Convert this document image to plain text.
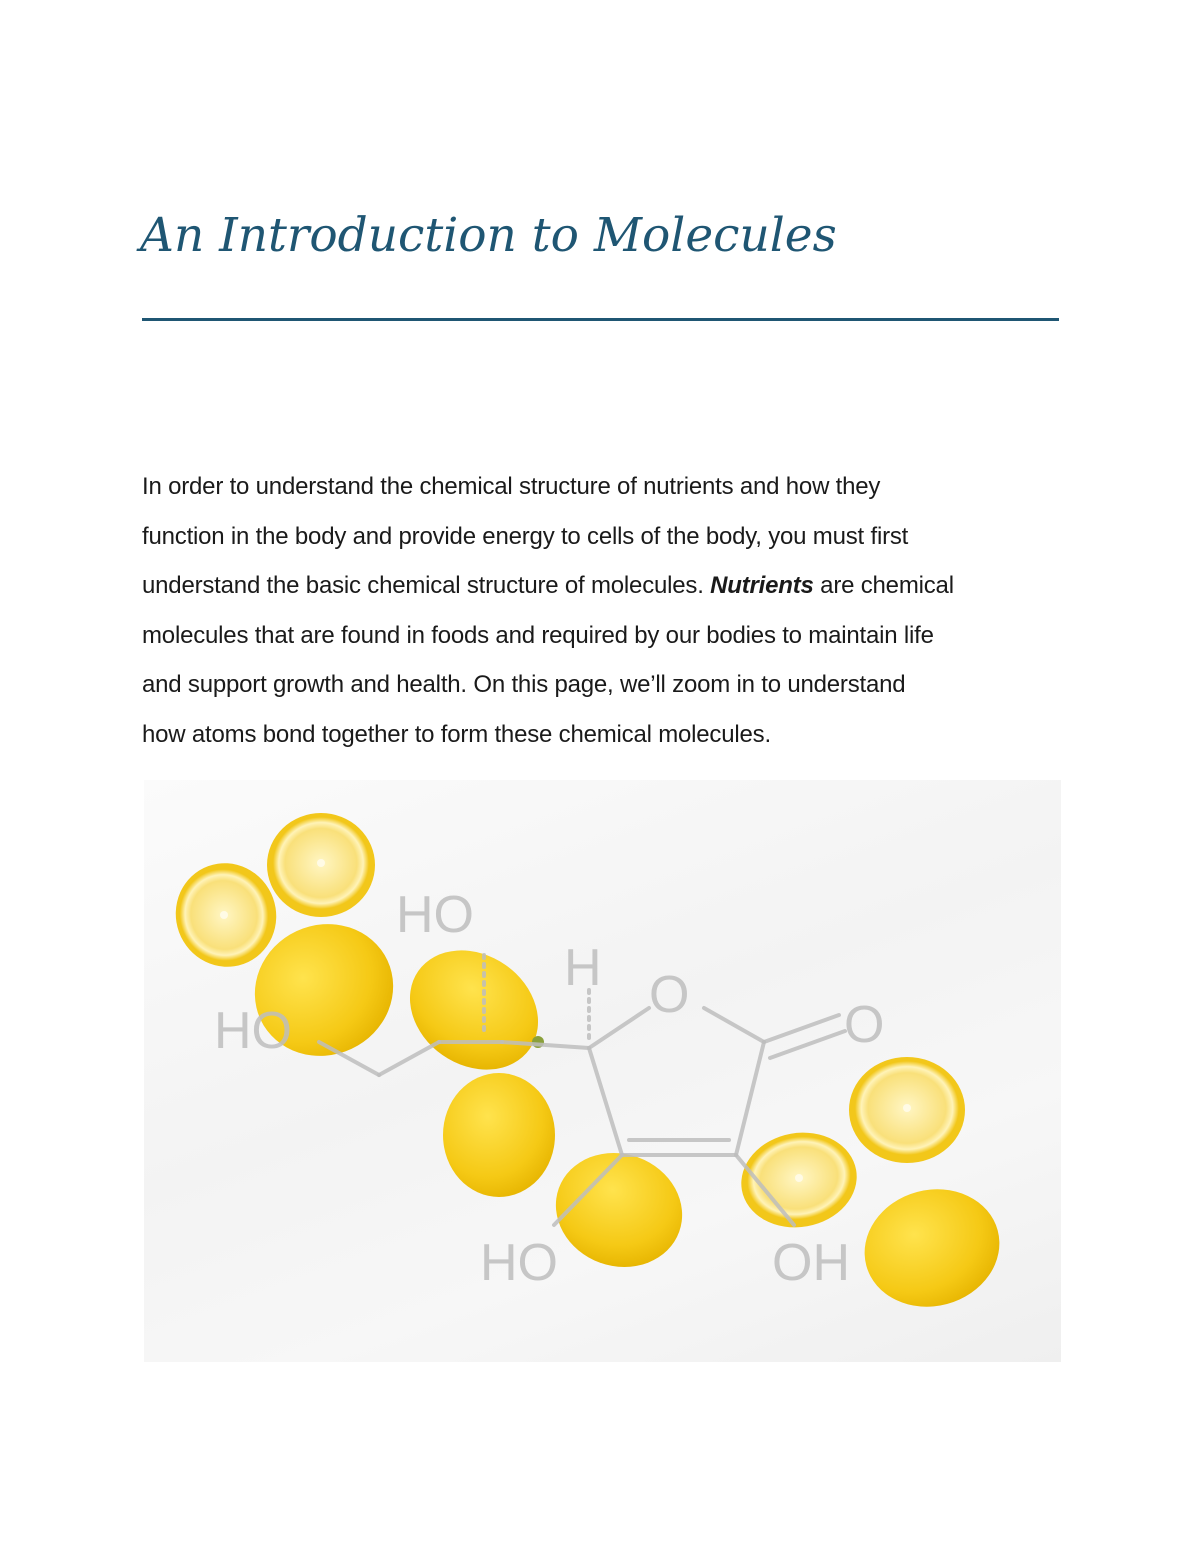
An Introduction to Molecules

In order to understand the chemical structure of nutrients and how they
function in the body and provide energy to cells of the body, you must first
understand the basic chemical structure of molecules. Nutrients are chemical
molecules that are found in foods and required by our bodies to maintain life
and support growth and health. On this page, we’ll zoom in to understand
how atoms bond together to form these chemical molecules.

HO
H O
O
HO
HO	OH
